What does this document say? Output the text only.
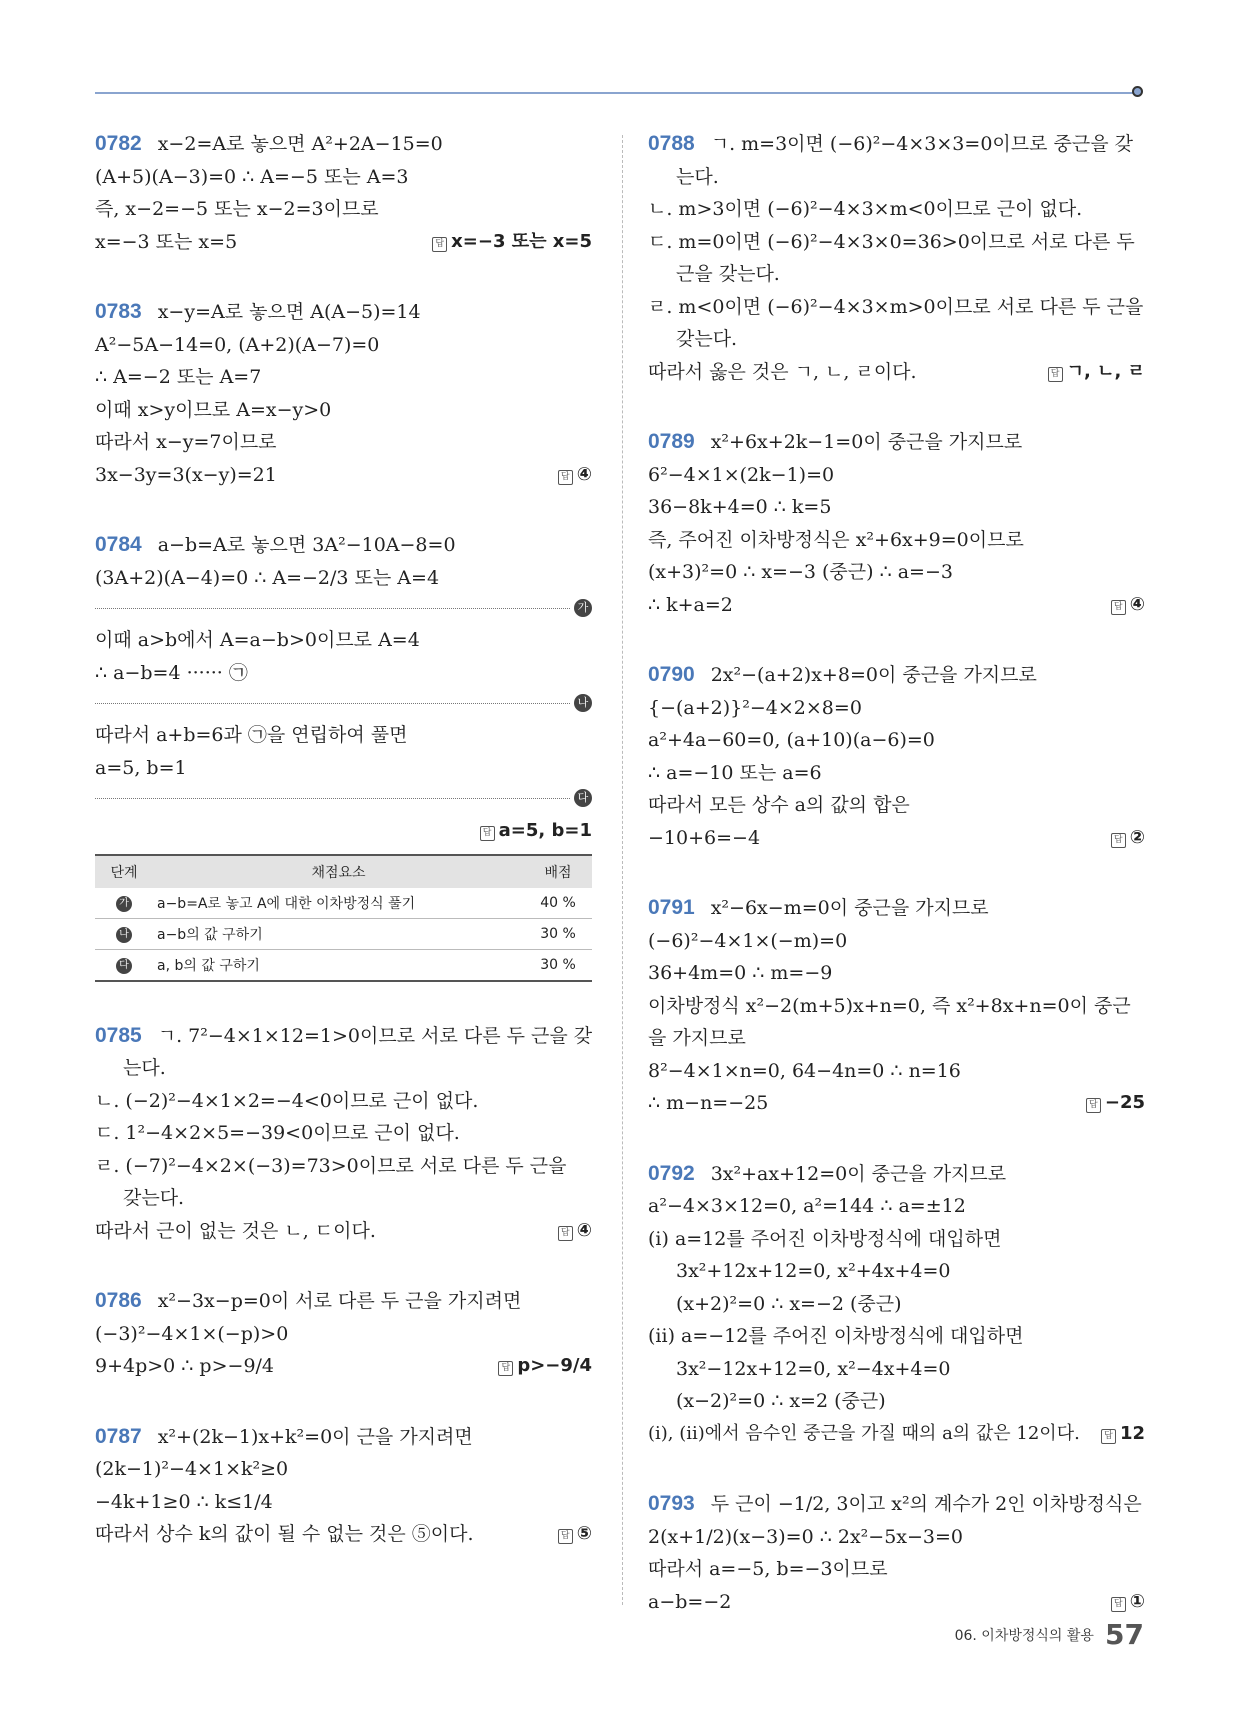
0782 x−2=A로 놓으면 A²+2A−15=0
(A+5)(A−3)=0 ∴ A=−5 또는 A=3
즉, x−2=−5 또는 x−2=3이므로
x=−3 또는 x=5	답 x=−3 또는 x=5
0783 x−y=A로 놓으면 A(A−5)=14
A²−5A−14=0, (A+2)(A−7)=0
∴ A=−2 또는 A=7
이때 x>y이므로 A=x−y>0
따라서 x−y=7이므로
3x−3y=3(x−y)=21	답 ④
0784 a−b=A로 놓으면 3A²−10A−8=0
(3A+2)(A−4)=0 ∴ A=−2/3 또는 A=4
가
이때 a>b에서 A=a−b>0이므로 A=4
∴ a−b=4 ······ ㉠
나
따라서 a+b=6과 ㉠을 연립하여 풀면
a=5, b=1
다
답 a=5, b=1
단계	채점요소	배점
가	a−b=A로 놓고 A에 대한 이차방정식 풀기	40 %
나	a−b의 값 구하기	30 %
다	a, b의 값 구하기	30 %
0785 ㄱ. 7²−4×1×12=1>0이므로 서로 다른 두 근을 갖
는다.
ㄴ. (−2)²−4×1×2=−4<0이므로 근이 없다.
ㄷ. 1²−4×2×5=−39<0이므로 근이 없다.
ㄹ. (−7)²−4×2×(−3)=73>0이므로 서로 다른 두 근을
갖는다.
따라서 근이 없는 것은 ㄴ, ㄷ이다.	답 ④
0786 x²−3x−p=0이 서로 다른 두 근을 가지려면
(−3)²−4×1×(−p)>0
9+4p>0 ∴ p>−9/4	답 p>−9/4
0787 x²+(2k−1)x+k²=0이 근을 가지려면
(2k−1)²−4×1×k²≥0
−4k+1≥0 ∴ k≤1/4
따라서 상수 k의 값이 될 수 없는 것은 ⑤이다.	답 ⑤
0788 ㄱ. m=3이면 (−6)²−4×3×3=0이므로 중근을 갖
는다.
ㄴ. m>3이면 (−6)²−4×3×m<0이므로 근이 없다.
ㄷ. m=0이면 (−6)²−4×3×0=36>0이므로 서로 다른 두
근을 갖는다.
ㄹ. m<0이면 (−6)²−4×3×m>0이므로 서로 다른 두 근을
갖는다.
따라서 옳은 것은 ㄱ, ㄴ, ㄹ이다.	답 ㄱ, ㄴ, ㄹ
0789 x²+6x+2k−1=0이 중근을 가지므로
6²−4×1×(2k−1)=0
36−8k+4=0 ∴ k=5
즉, 주어진 이차방정식은 x²+6x+9=0이므로
(x+3)²=0 ∴ x=−3 (중근) ∴ a=−3
∴ k+a=2	답 ④
0790 2x²−(a+2)x+8=0이 중근을 가지므로
{−(a+2)}²−4×2×8=0
a²+4a−60=0, (a+10)(a−6)=0
∴ a=−10 또는 a=6
따라서 모든 상수 a의 값의 합은
−10+6=−4	답 ②
0791 x²−6x−m=0이 중근을 가지므로
(−6)²−4×1×(−m)=0
36+4m=0 ∴ m=−9
이차방정식 x²−2(m+5)x+n=0, 즉 x²+8x+n=0이 중근
을 가지므로
8²−4×1×n=0, 64−4n=0 ∴ n=16
∴ m−n=−25	답 −25
0792 3x²+ax+12=0이 중근을 가지므로
a²−4×3×12=0, a²=144 ∴ a=±12
(i) a=12를 주어진 이차방정식에 대입하면
3x²+12x+12=0, x²+4x+4=0
(x+2)²=0 ∴ x=−2 (중근)
(ii) a=−12를 주어진 이차방정식에 대입하면
3x²−12x+12=0, x²−4x+4=0
(x−2)²=0 ∴ x=2 (중근)
(i), (ii)에서 음수인 중근을 가질 때의 a의 값은 12이다.	답 12
0793 두 근이 −1/2, 3이고 x²의 계수가 2인 이차방정식은
2(x+1/2)(x−3)=0 ∴ 2x²−5x−3=0
따라서 a=−5, b=−3이므로
a−b=−2	답 ①
06. 이차방정식의 활용 57
